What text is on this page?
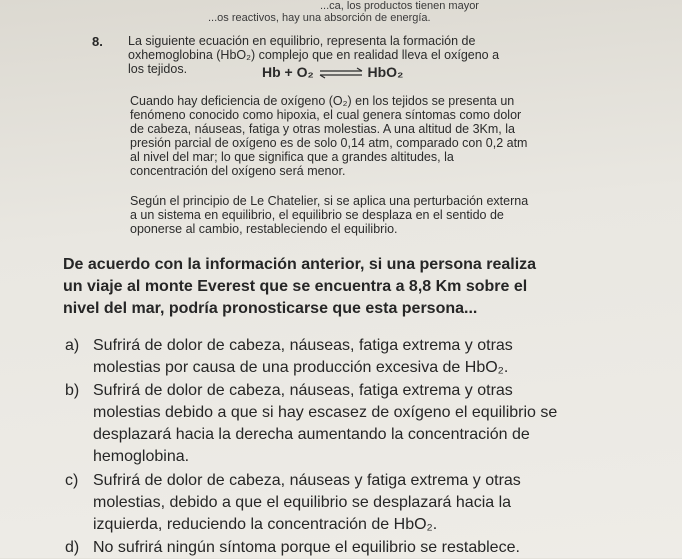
...ca, los productos tienen mayor
...os reactivos, hay una absorción de energía.
8. La siguiente ecuación en equilibrio, representa la formación de
oxhemoglobina (HbO₂) complejo que en realidad lleva el oxígeno a
los tejidos.	Hb + O₂ ⇌ HbO₂
Cuando hay deficiencia de oxígeno (O₂) en los tejidos se presenta un
fenómeno conocido como hipoxia, el cual genera síntomas como dolor
de cabeza, náuseas, fatiga y otras molestias. A una altitud de 3Km, la
presión parcial de oxígeno es de solo 0,14 atm, comparado con 0,2 atm
al nivel del mar; lo que significa que a grandes altitudes, la
concentración del oxígeno será menor.
Según el principio de Le Chatelier, si se aplica una perturbación externa
a un sistema en equilibrio, el equilibrio se desplaza en el sentido de
oponerse al cambio, restableciendo el equilibrio.
De acuerdo con la información anterior, si una persona realiza
un viaje al monte Everest que se encuentra a 8,8 Km sobre el
nivel del mar, podría pronosticarse que esta persona...
a) Sufrirá de dolor de cabeza, náuseas, fatiga extrema y otras
molestias por causa de una producción excesiva de HbO₂.
b) Sufrirá de dolor de cabeza, náuseas, fatiga extrema y otras
molestias debido a que si hay escasez de oxígeno el equilibrio se
desplazará hacia la derecha aumentando la concentración de
hemoglobina.
c) Sufrirá de dolor de cabeza, náuseas y fatiga extrema y otras
molestias, debido a que el equilibrio se desplazará hacia la
izquierda, reduciendo la concentración de HbO₂.
d) No sufrirá ningún síntoma porque el equilibrio se restablece.
